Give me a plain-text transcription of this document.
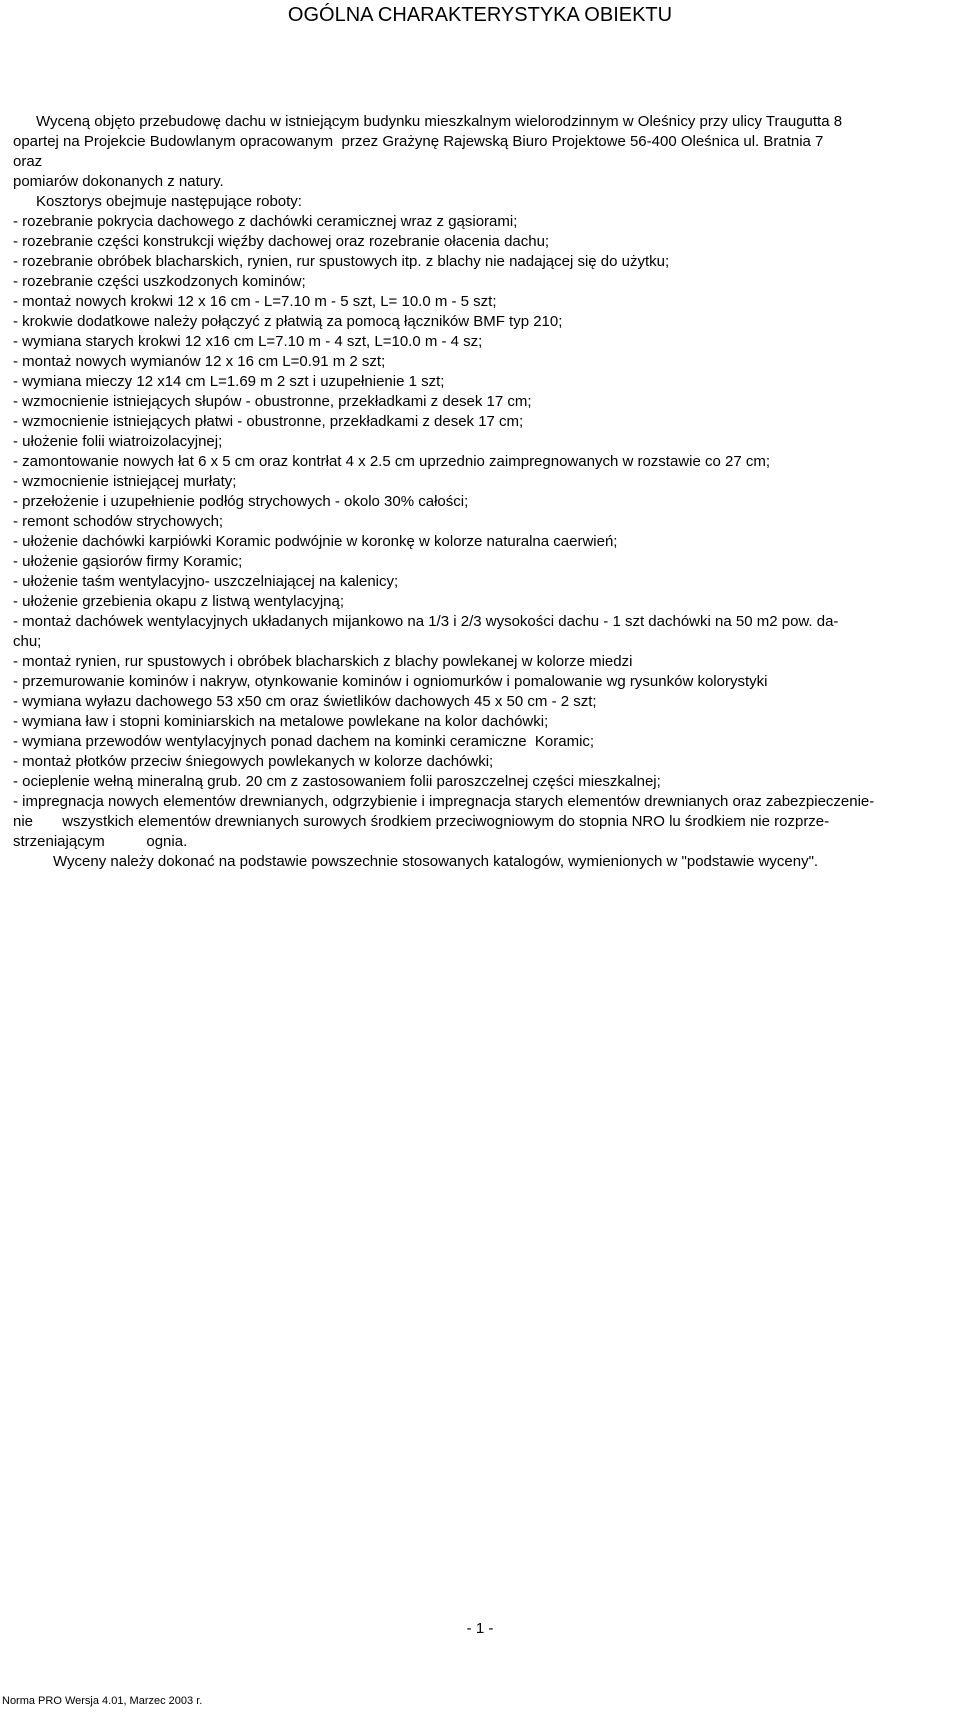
OGÓLNA CHARAKTERYSTYKA OBIEKTU
Wyceną objęto przebudowę dachu w istniejącym budynku mieszkalnym wielorodzinnym w Oleśnicy przy ulicy Traugutta 8
opartej na Projekcie Budowlanym opracowanym  przez Grażynę Rajewską Biuro Projektowe 56-400 Oleśnica ul. Bratnia 7
oraz
pomiarów dokonanych z natury.
Kosztorys obejmuje następujące roboty:
- rozebranie pokrycia dachowego z dachówki ceramicznej wraz z gąsiorami;
- rozebranie części konstrukcji więźby dachowej oraz rozebranie ołacenia dachu;
- rozebranie obróbek blacharskich, rynien, rur spustowych itp. z blachy nie nadającej się do użytku;
- rozebranie części uszkodzonych kominów;
- montaż nowych krokwi 12 x 16 cm - L=7.10 m - 5 szt, L= 10.0 m - 5 szt;
- krokwie dodatkowe należy połączyć z płatwią za pomocą łączników BMF typ 210;
- wymiana starych krokwi 12 x16 cm L=7.10 m - 4 szt, L=10.0 m - 4 sz;
- montaż nowych wymianów 12 x 16 cm L=0.91 m 2 szt;
- wymiana mieczy 12 x14 cm L=1.69 m 2 szt i uzupełnienie 1 szt;
- wzmocnienie istniejących słupów - obustronne, przekładkami z desek 17 cm;
- wzmocnienie istniejących płatwi - obustronne, przekładkami z desek 17 cm;
- ułożenie folii wiatroizolacyjnej;
- zamontowanie nowych łat 6 x 5 cm oraz kontrłat 4 x 2.5 cm uprzednio zaimpregnowanych w rozstawie co 27 cm;
- wzmocnienie istniejącej murłaty;
- przełożenie i uzupełnienie podłóg strychowych - okolo 30% całości;
- remont schodów strychowych;
- ułożenie dachówki karpiówki Koramic podwójnie w koronkę w kolorze naturalna caerwień;
- ułożenie gąsiorów firmy Koramic;
- ułożenie taśm wentylacyjno- uszczelniającej na kalenicy;
- ułożenie grzebienia okapu z listwą wentylacyjną;
- montaż dachówek wentylacyjnych układanych mijankowo na 1/3 i 2/3 wysokości dachu - 1 szt dachówki na 50 m2 pow. da-
chu;
- montaż rynien, rur spustowych i obróbek blacharskich z blachy powlekanej w kolorze miedzi
- przemurowanie kominów i nakryw, otynkowanie kominów i ogniomurków i pomalowanie wg rysunków kolorystyki
- wymiana wyłazu dachowego 53 x50 cm oraz świetlików dachowych 45 x 50 cm - 2 szt;
- wymiana ław i stopni kominiarskich na metalowe powlekane na kolor dachówki;
- wymiana przewodów wentylacyjnych ponad dachem na kominki ceramiczne  Koramic;
- montaż płotków przeciw śniegowych powlekanych w kolorze dachówki;
- ocieplenie wełną mineralną grub. 20 cm z zastosowaniem folii paroszczelnej części mieszkalnej;
- impregnacja nowych elementów drewnianych, odgrzybienie i impregnacja starych elementów drewnianych oraz zabezpieczenie-
nie       wszystkich elementów drewnianych surowych środkiem przeciwogniowym do stopnia NRO lu środkiem nie rozprze-
strzeniającym          ognia.
Wyceny należy dokonać na podstawie powszechnie stosowanych katalogów, wymienionych w "podstawie wyceny".
- 1 -
Norma PRO Wersja 4.01, Marzec 2003 r.
